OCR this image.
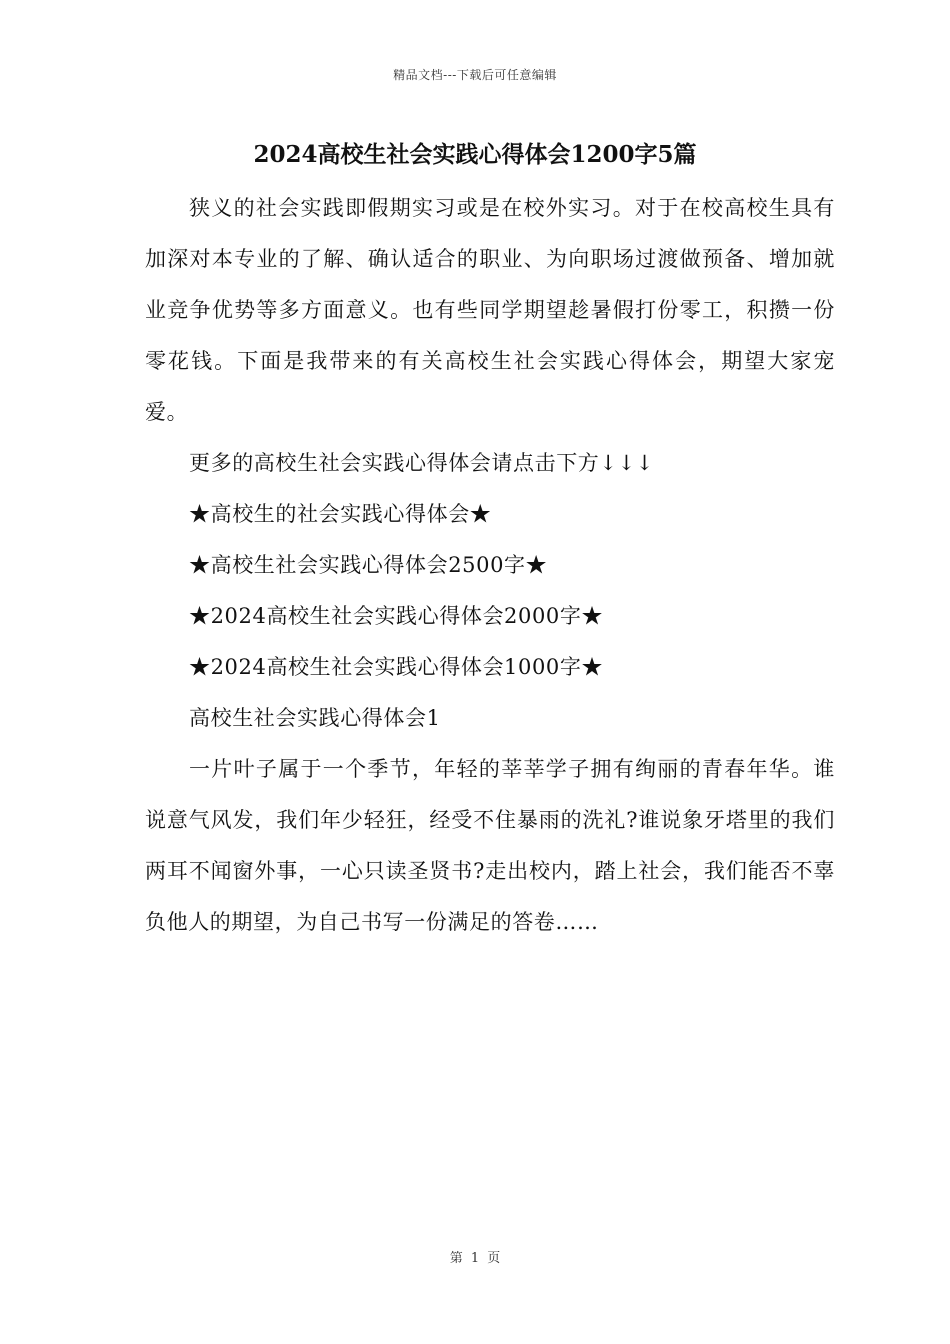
精品文档---下载后可任意编辑
2024高校生社会实践心得体会1200字5篇

狭义的社会实践即假期实习或是在校外实习。对于在校高校生具有加深对本专业的了解、确认适合的职业、为向职场过渡做预备、增加就业竞争优势等多方面意义。也有些同学期望趁暑假打份零工，积攒一份零花钱。下面是我带来的有关高校生社会实践心得体会，期望大家宠爱。

更多的高校生社会实践心得体会请点击下方↓↓↓

★高校生的社会实践心得体会★

★高校生社会实践心得体会2500字★

★2024高校生社会实践心得体会2000字★

★2024高校生社会实践心得体会1000字★

高校生社会实践心得体会1

一片叶子属于一个季节，年轻的莘莘学子拥有绚丽的青春年华。谁说意气风发，我们年少轻狂，经受不住暴雨的洗礼?谁说象牙塔里的我们两耳不闻窗外事，一心只读圣贤书?走出校内，踏上社会，我们能否不辜负他人的期望，为自己书写一份满足的答卷……

第 1 页
